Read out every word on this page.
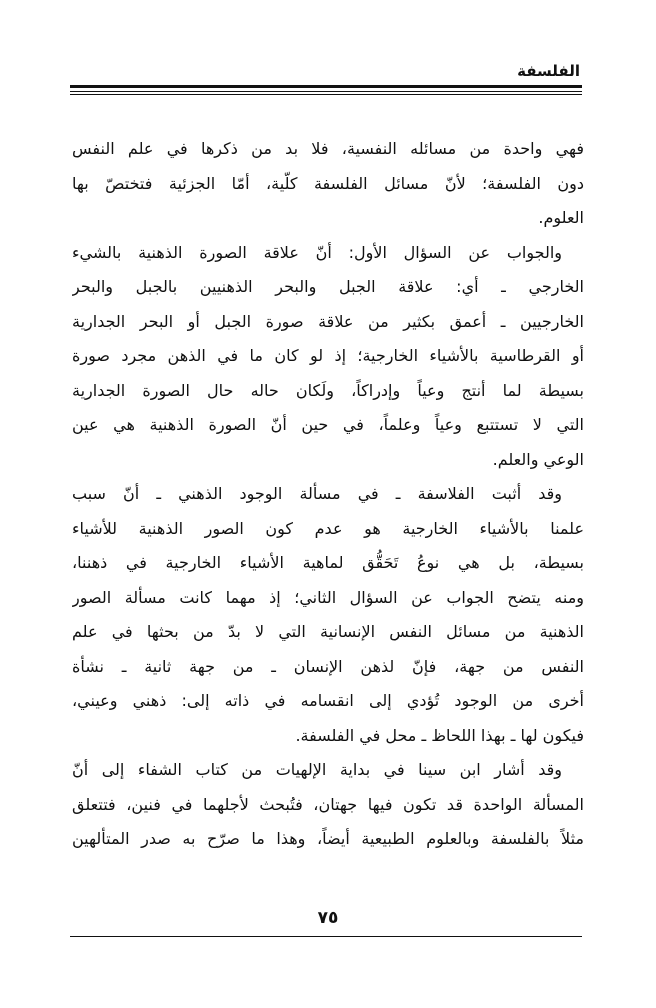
الفلسفة
فهي واحدة من مسائله النفسية، فلا بد من ذكرها في علم النفس
دون الفلسفة؛ لأنّ مسائل الفلسفة كلّية، أمّا الجزئية فتختصّ بها
العلوم.
والجواب عن السؤال الأول: أنّ علاقة الصورة الذهنية بالشيء
الخارجي ـ أي: علاقة الجبل والبحر الذهنيين بالجبل والبحر
الخارجيين ـ أعمق بكثير من علاقة صورة الجبل أو البحر الجدارية
أو القرطاسية بالأشياء الخارجية؛ إذ لو كان ما في الذهن مجرد صورة
بسيطة لما أنتج وعياً وإدراكاً، ولَكان حاله حال الصورة الجدارية
التي لا تستتبع وعياً وعلماً، في حين أنّ الصورة الذهنية هي عين
الوعي والعلم.
وقد أثبت الفلاسفة ـ في مسألة الوجود الذهني ـ أنّ سبب
علمنا بالأشياء الخارجية هو عدم كون الصور الذهنية للأشياء
بسيطة، بل هي نوعُ تَحَقُّق لماهية الأشياء الخارجية في ذهننا،
ومنه يتضح الجواب عن السؤال الثاني؛ إذ مهما كانت مسألة الصور
الذهنية من مسائل النفس الإنسانية التي لا بدّ من بحثها في علم
النفس من جهة، فإنّ لذهن الإنسان ـ من جهة ثانية ـ نشأة
أخرى من الوجود تُؤدي إلى انقسامه في ذاته إلى: ذهني وعيني،
فيكون لها ـ بهذا اللحاظ ـ محل في الفلسفة.
وقد أشار ابن سينا في بداية الإلهيات من كتاب الشفاء إلى أنّ
المسألة الواحدة قد تكون فيها جهتان، فتُبحث لأجلهما في فنين، فتتعلق
مثلاً بالفلسفة وبالعلوم الطبيعية أيضاً، وهذا ما صرّح به صدر المتألهين
٧٥
